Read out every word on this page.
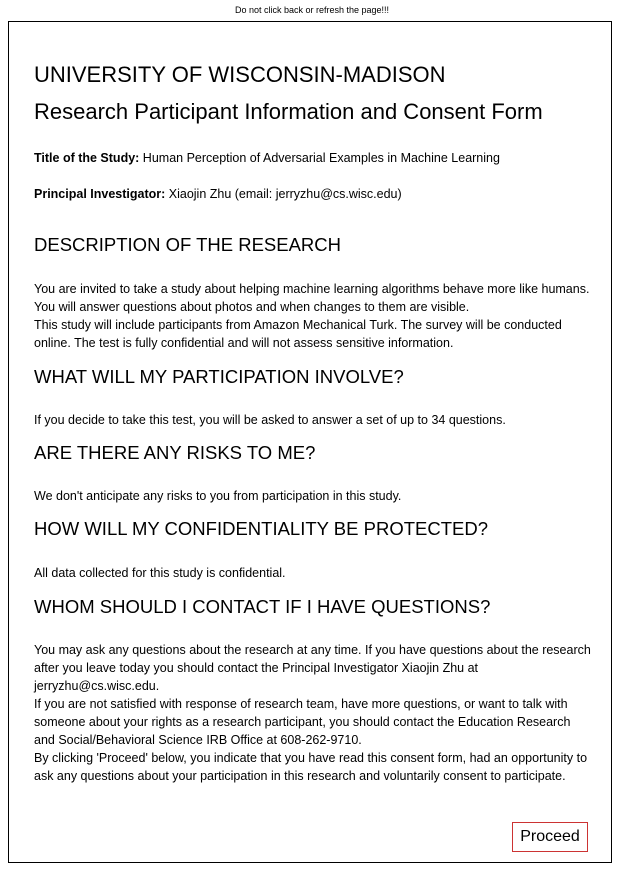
Do not click back or refresh the page!!!
UNIVERSITY OF WISCONSIN-MADISON
Research Participant Information and Consent Form
Title of the Study: Human Perception of Adversarial Examples in Machine Learning
Principal Investigator: Xiaojin Zhu (email: jerryzhu@cs.wisc.edu)
DESCRIPTION OF THE RESEARCH

You are invited to take a study about helping machine learning algorithms behave more like humans. You will answer questions about photos and when changes to them are visible.

This study will include participants from Amazon Mechanical Turk. The survey will be conducted online. The test is fully confidential and will not assess sensitive information.

WHAT WILL MY PARTICIPATION INVOLVE?

If you decide to take this test, you will be asked to answer a set of up to 34 questions.

ARE THERE ANY RISKS TO ME?

We don't anticipate any risks to you from participation in this study.

HOW WILL MY CONFIDENTIALITY BE PROTECTED?

All data collected for this study is confidential.

WHOM SHOULD I CONTACT IF I HAVE QUESTIONS?

You may ask any questions about the research at any time. If you have questions about the research after you leave today you should contact the Principal Investigator Xiaojin Zhu at jerryzhu@cs.wisc.edu.

If you are not satisfied with response of research team, have more questions, or want to talk with someone about your rights as a research participant, you should contact the Education Research and Social/Behavioral Science IRB Office at 608-262-9710.

By clicking 'Proceed' below, you indicate that you have read this consent form, had an opportunity to ask any questions about your participation in this research and voluntarily consent to participate.

Proceed
